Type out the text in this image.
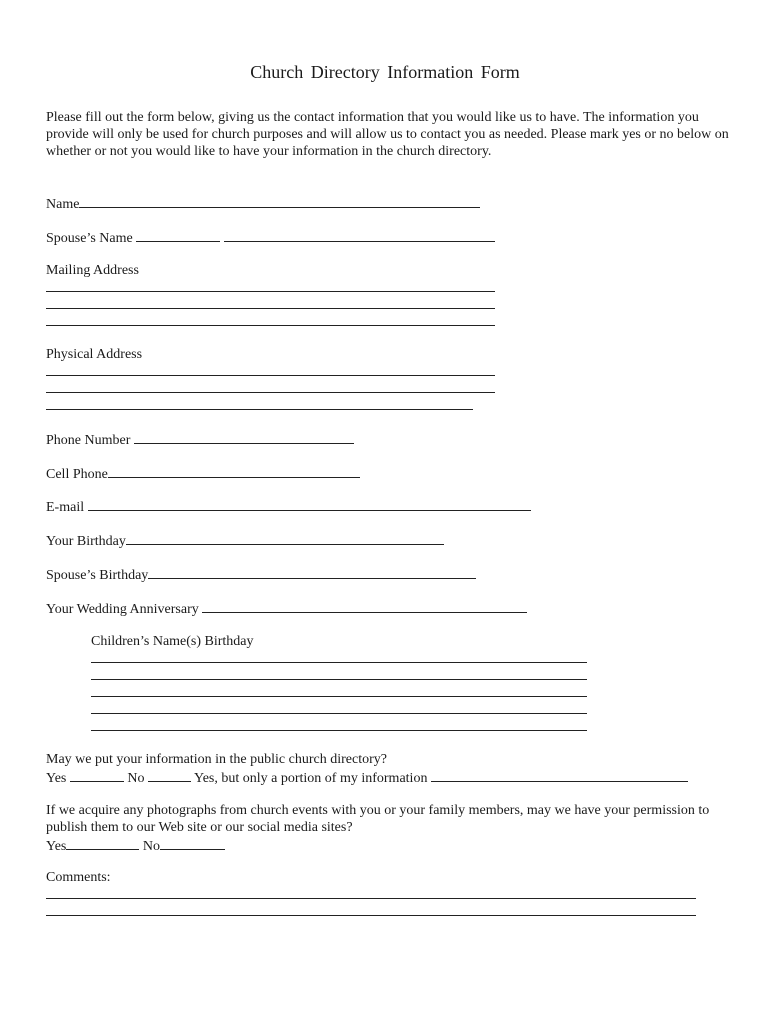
Church Directory Information Form
Please fill out the form below, giving us the contact information that you would like us to have. The information you provide will only be used for church purposes and will allow us to contact you as needed. Please mark yes or no below on whether or not you would like to have your information in the church directory.
Name
Spouse’s Name
Mailing Address
Physical Address
Phone Number
Cell Phone
E-mail
Your Birthday
Spouse’s Birthday
Your Wedding Anniversary
Children’s Name(s) Birthday
May we put your information in the public church directory?
Yes	No	Yes, but only a portion of my information
If we acquire any photographs from church events with you or your family members, may we have your permission to publish them to our Web site or our social media sites?
Yes	No
Comments:
